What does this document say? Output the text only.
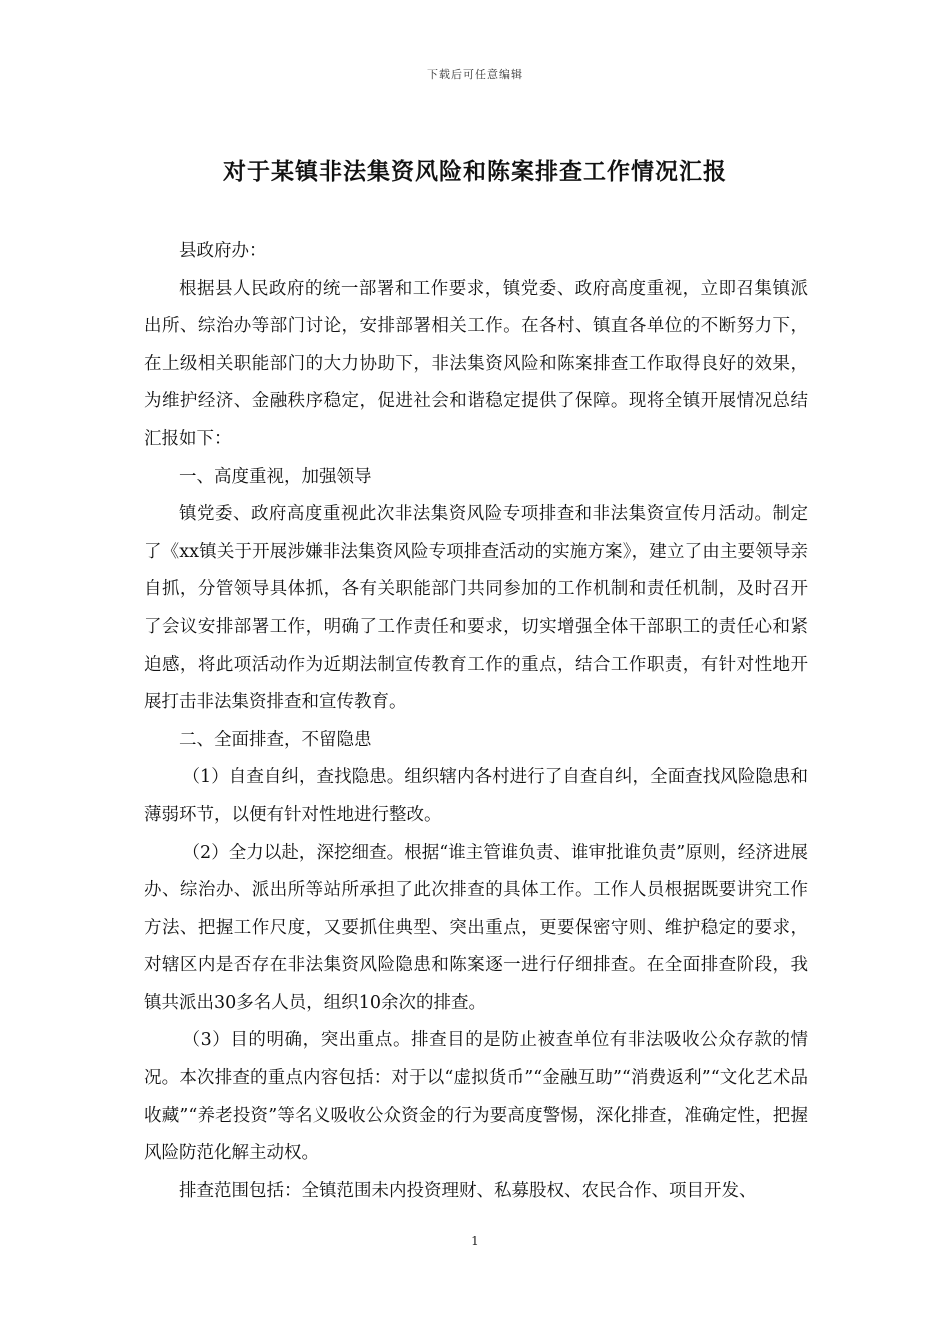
下载后可任意编辑
对于某镇非法集资风险和陈案排查工作情况汇报

县政府办：

根据县人民政府的统一部署和工作要求，镇党委、政府高度重视，立即召集镇派出所、综治办等部门讨论，安排部署相关工作。在各村、镇直各单位的不断努力下，在上级相关职能部门的大力协助下，非法集资风险和陈案排查工作取得良好的效果，为维护经济、金融秩序稳定，促进社会和谐稳定提供了保障。现将全镇开展情况总结汇报如下：

一、高度重视，加强领导

镇党委、政府高度重视此次非法集资风险专项排查和非法集资宣传月活动。制定了《xx镇关于开展涉嫌非法集资风险专项排查活动的实施方案》，建立了由主要领导亲自抓，分管领导具体抓，各有关职能部门共同参加的工作机制和责任机制，及时召开了会议安排部署工作，明确了工作责任和要求，切实增强全体干部职工的责任心和紧迫感，将此项活动作为近期法制宣传教育工作的重点，结合工作职责，有针对性地开展打击非法集资排查和宣传教育。

二、全面排查，不留隐患

（1）自查自纠，查找隐患。组织辖内各村进行了自查自纠，全面查找风险隐患和薄弱环节，以便有针对性地进行整改。

（2）全力以赴，深挖细查。根据“谁主管谁负责、谁审批谁负责”原则，经济进展办、综治办、派出所等站所承担了此次排查的具体工作。工作人员根据既要讲究工作方法、把握工作尺度，又要抓住典型、突出重点，更要保密守则、维护稳定的要求，对辖区内是否存在非法集资风险隐患和陈案逐一进行仔细排查。在全面排查阶段，我镇共派出30多名人员，组织10余次的排查。

（3）目的明确，突出重点。排查目的是防止被查单位有非法吸收公众存款的情况。本次排查的重点内容包括：对于以“虚拟货币”“金融互助”“消费返利”“文化艺术品收藏”“养老投资”等名义吸收公众资金的行为要高度警惕，深化排查，准确定性，把握风险防范化解主动权。

排查范围包括：全镇范围未内投资理财、私募股权、农民合作、项目开发、

1
